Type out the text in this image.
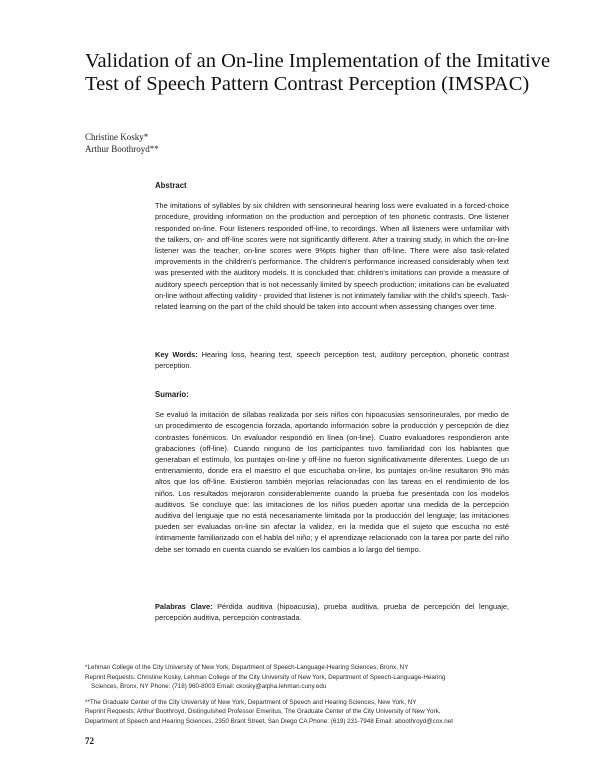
Validation of an On-line Implementation of the Imitative Test of Speech Pattern Contrast Perception (IMSPAC)
Christine Kosky*
Arthur Boothroyd**
Abstract
The imitations of syllables by six children with sensorineural hearing loss were evaluated in a forced-choice procedure, providing information on the production and perception of ten phonetic contrasts. One listener responded on-line. Four listeners responded off-line, to recordings. When all listeners were unfamiliar with the talkers, on- and off-line scores were not significantly different. After a training study, in which the on-line listener was the teacher, on-line scores were 9%pts higher than off-line. There were also task-related improvements in the children's performance. The children's performance increased considerably when text was presented with the auditory models. It is concluded that: children's imitations can provide a measure of auditory speech perception that is not necessarily limited by speech production; imitations can be evaluated on-line without affecting validity - provided that listener is not intimately familiar with the child's speech. Task-related learning on the part of the child should be taken into account when assessing changes over time.
Key Words: Hearing loss, hearing test, speech perception test, auditory perception, phonetic contrast perception.
Sumario:
Se evaluó la imitación de sílabas realizada por seis niños con hipoacusias sensorineurales, por medio de un procedimiento de escogencia forzada, aportando información sobre la producción y percepción de diez contrastes fonémicos. Un evaluador respondió en línea (on-line). Cuatro evaluadores respondieron ante grabaciones (off-line). Cuando ninguno de los participantes tuvo familiaridad con los hablantes que generaban el estímulo, los puntajes on-line y off-line no fueron significativamente diferentes. Luego de un entrenamiento, donde era el maestro el que escuchaba on-line, los puntajes on-line resultaron 9% más altos que los off-line. Existieron también mejorías relacionadas con las tareas en el rendimiento de los niños. Los resultados mejoraron considerablemente cuando la prueba fue presentada con los modelos auditivos. Se concluye que: las imitaciones de los niños pueden aportar una medida de la percepción auditiva del lenguaje que no está necesariamente limitada por la producción del lenguaje; las imitaciones pueden ser evaluadas on-line sin afectar la validez, en la medida que el sujeto que escucha no esté íntimamente familiarizado con el habla del niño; y el aprendizaje relacionado con la tarea por parte del niño debe ser tomado en cuenta cuando se evalúen los cambios a lo largo del tiempo.
Palabras Clave: Pérdida auditiva (hipoacusia), prueba auditiva, prueba de percepción del lenguaje, percepción auditiva, percepción contrastada.
*Lehman College of the City University of New York, Department of Speech-Language-Hearing Sciences, Bronx, NY
Reprint Requests: Christine Kosky, Lehman College of the City University of New York, Department of Speech-Language-Hearing
Sciences, Bronx, NY Phone: (718) 960-8003 Email: ckosky@alpha.lehman.cuny.edu
**The Graduate Center of the City University of New York, Department of Speech and Hearing Sciences, New York, NY
Reprint Requests: Arthur Boothroyd, Distinguished Professor Emeritus, The Graduate Center of the City University of New York,
Department of Speech and Hearing Sciences, 2350 Brant Street, San Diego CA Phone: (619) 231-7948 Email: aboothroyd@cox.net
72
